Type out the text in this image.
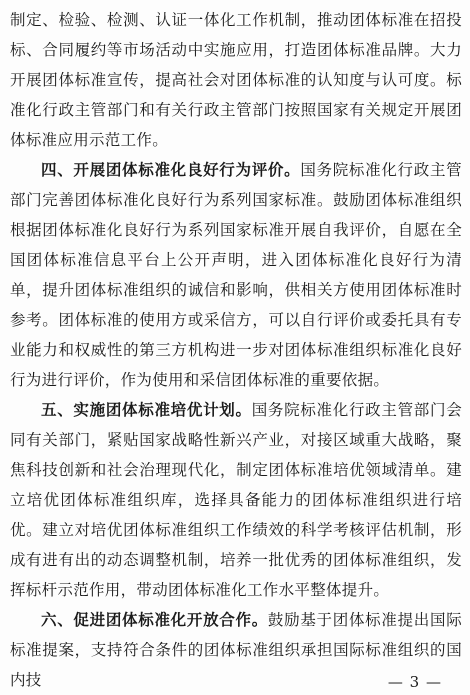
制定、检验、检测、认证一体化工作机制，推动团体标准在招投标、合同履约等市场活动中实施应用，打造团体标准品牌。大力开展团体标准宣传，提高社会对团体标准的认知度与认可度。标准化行政主管部门和有关行政主管部门按照国家有关规定开展团体标准应用示范工作。

四、开展团体标准化良好行为评价。国务院标准化行政主管部门完善团体标准化良好行为系列国家标准。鼓励团体标准组织根据团体标准化良好行为系列国家标准开展自我评价，自愿在全国团体标准信息平台上公开声明，进入团体标准化良好行为清单，提升团体标准组织的诚信和影响，供相关方使用团体标准时参考。团体标准的使用方或采信方，可以自行评价或委托具有专业能力和权威性的第三方机构进一步对团体标准组织标准化良好行为进行评价，作为使用和采信团体标准的重要依据。

五、实施团体标准培优计划。国务院标准化行政主管部门会同有关部门，紧贴国家战略性新兴产业，对接区域重大战略，聚焦科技创新和社会治理现代化，制定团体标准培优领域清单。建立培优团体标准组织库，选择具备能力的团体标准组织进行培优。建立对培优团体标准组织工作绩效的科学考核评估机制，形成有进有出的动态调整机制，培养一批优秀的团体标准组织，发挥标杆示范作用，带动团体标准化工作水平整体提升。

六、促进团体标准化开放合作。鼓励基于团体标准提出国际标准提案，支持符合条件的团体标准组织承担国际标准组织的国内技	— 3 —
